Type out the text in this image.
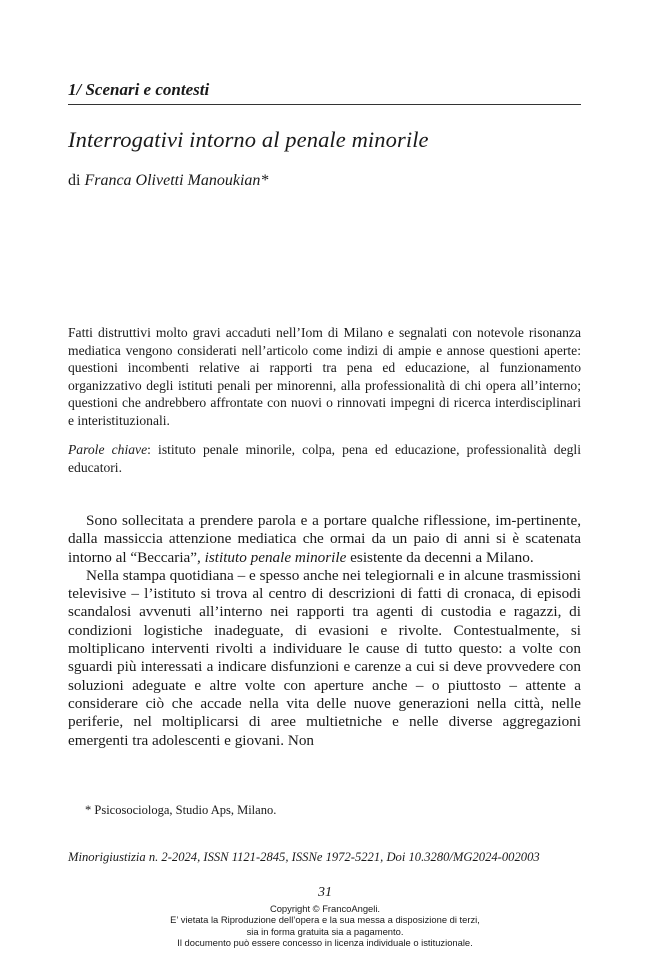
1/ Scenari e contesti
Interrogativi intorno al penale minorile
di Franca Olivetti Manoukian*
Fatti distruttivi molto gravi accaduti nell’Iom di Milano e segnalati con notevole risonanza mediatica vengono considerati nell’articolo come indizi di ampie e annose questioni aperte: questioni incombenti relative ai rapporti tra pena ed educazione, al funzionamento organizzativo degli istituti penali per minorenni, alla professionalità di chi opera all’interno; questioni che andrebbero affrontate con nuovi o rinnovati impegni di ricerca interdisciplinari e interistituzionali.
Parole chiave: istituto penale minorile, colpa, pena ed educazione, professionalità degli educatori.

Sono sollecitata a prendere parola e a portare qualche riflessione, im-pertinente, dalla massiccia attenzione mediatica che ormai da un paio di anni si è scatenata intorno al “Beccaria”, istituto penale minorile esistente da decenni a Milano.

Nella stampa quotidiana – e spesso anche nei telegiornali e in alcune trasmissioni televisive – l’istituto si trova al centro di descrizioni di fatti di cronaca, di episodi scandalosi avvenuti all’interno nei rapporti tra agenti di custodia e ragazzi, di condizioni logistiche inadeguate, di evasioni e rivolte. Contestualmente, si moltiplicano interventi rivolti a individuare le cause di tutto questo: a volte con sguardi più interessati a indicare disfunzioni e carenze a cui si deve provvedere con soluzioni adeguate e altre volte con aperture anche – o piuttosto – attente a considerare ciò che accade nella vita delle nuove generazioni nella città, nelle periferie, nel moltiplicarsi di aree multietniche e nelle diverse aggregazioni emergenti tra adolescenti e giovani. Non

* Psicosociologa, Studio Aps, Milano.
Minorigiustizia n. 2-2024, ISSN 1121-2845, ISSNe 1972-5221, Doi 10.3280/MG2024-002003
31
Copyright © FrancoAngeli.
E’ vietata la Riproduzione dell’opera e la sua messa a disposizione di terzi,
sia in forma gratuita sia a pagamento.
Il documento può essere concesso in licenza individuale o istituzionale.
